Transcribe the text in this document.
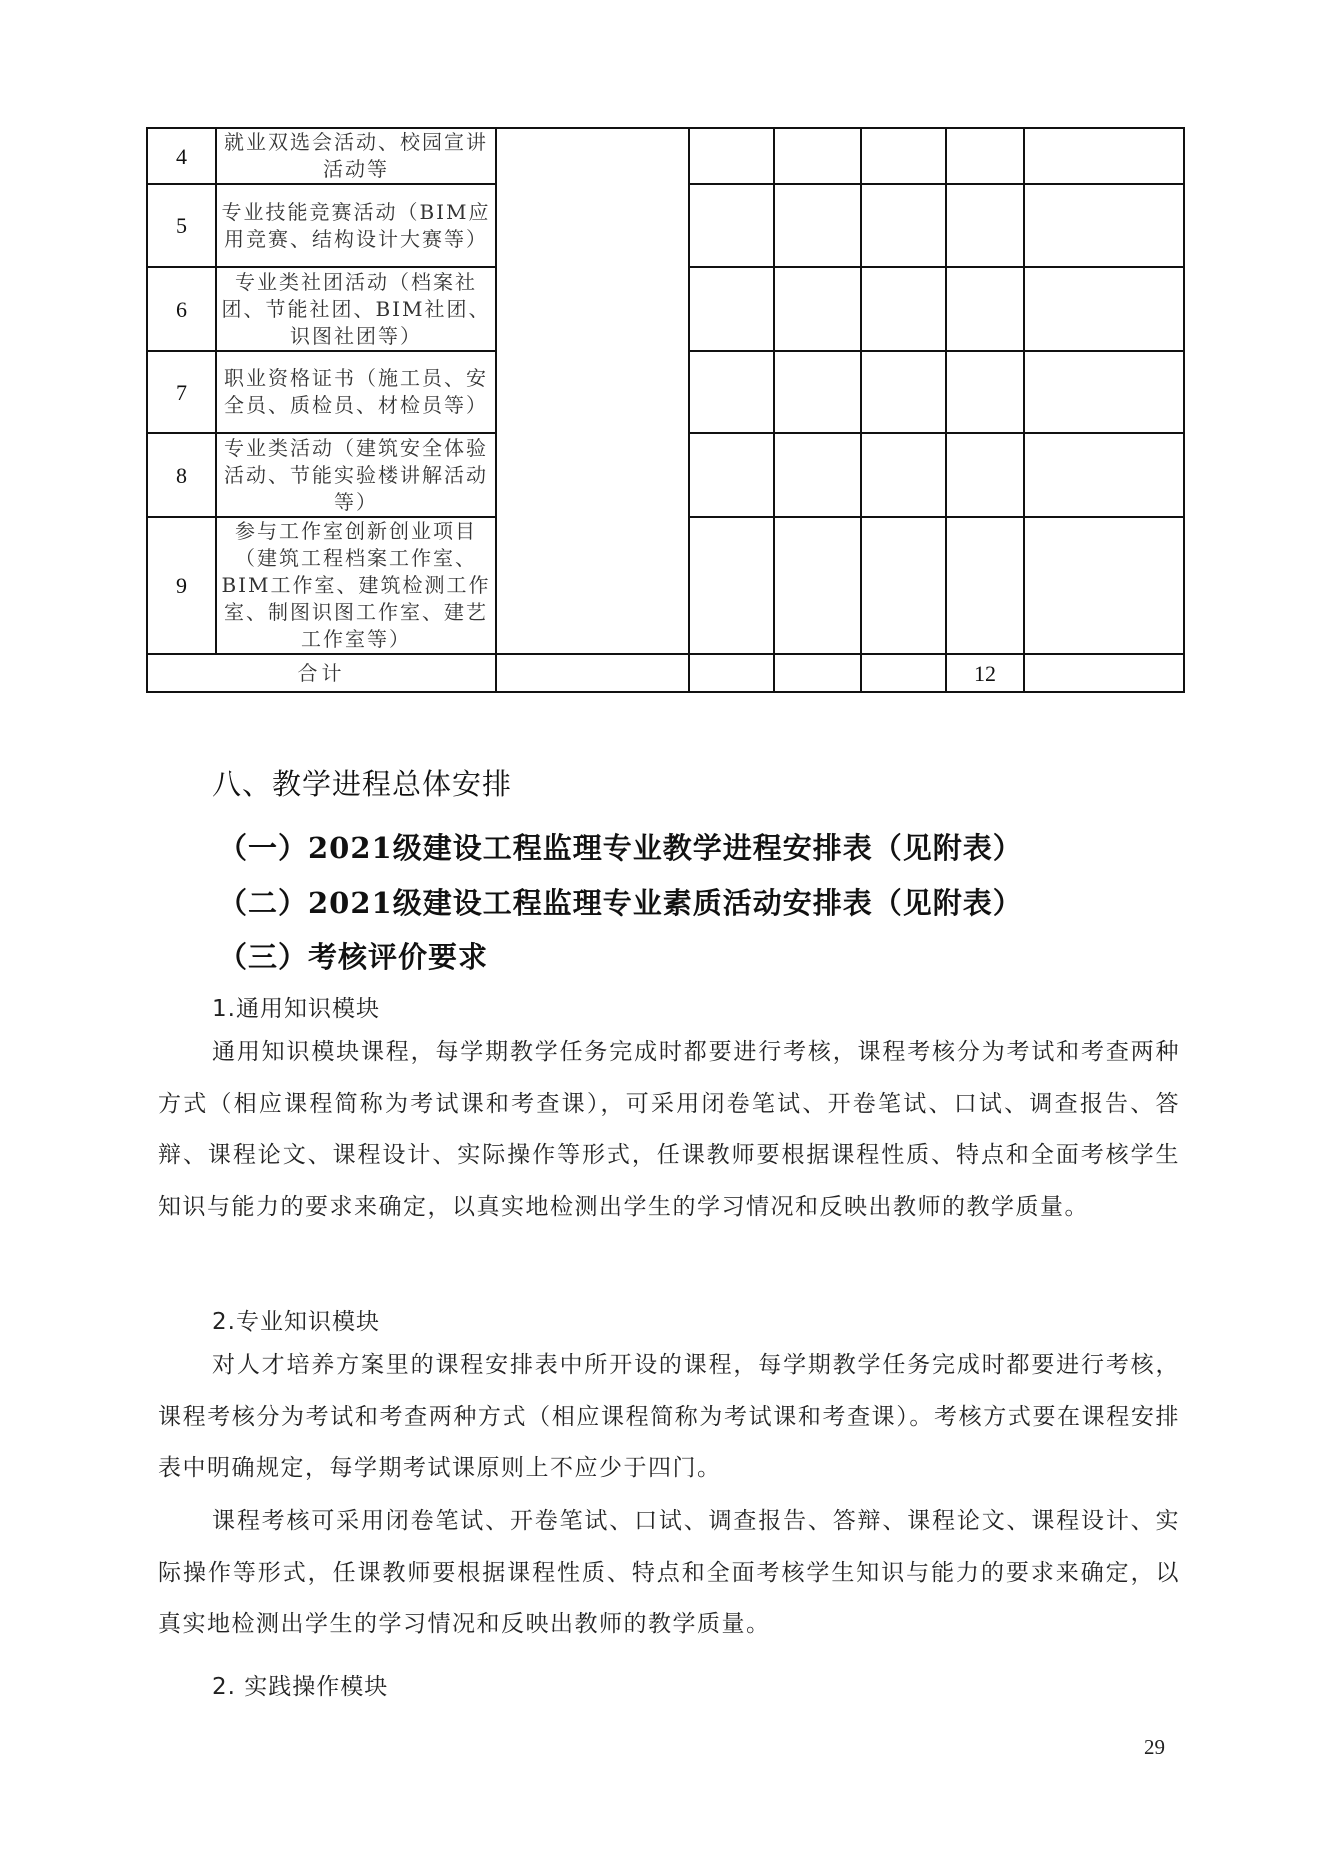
4	就业双选会活动、校园宣讲活动等						
5	专业技能竞赛活动（BIM应用竞赛、结构设计大赛等）						
6	专业类社团活动（档案社团、节能社团、BIM社团、识图社团等）						
7	职业资格证书（施工员、安全员、质检员、材检员等）						
8	专业类活动（建筑安全体验活动、节能实验楼讲解活动等）						
9	参与工作室创新创业项目（建筑工程档案工作室、BIM工作室、建筑检测工作室、制图识图工作室、建艺工作室等）						
合计						12	
八、教学进程总体安排
（一）2021级建设工程监理专业教学进程安排表（见附表）
（二）2021级建设工程监理专业素质活动安排表（见附表）
（三）考核评价要求
1.通用知识模块

通用知识模块课程，每学期教学任务完成时都要进行考核，课程考核分为考试和考查两种方式（相应课程简称为考试课和考查课），可采用闭卷笔试、开卷笔试、口试、调查报告、答辩、课程论文、课程设计、实际操作等形式，任课教师要根据课程性质、特点和全面考核学生知识与能力的要求来确定，以真实地检测出学生的学习情况和反映出教师的教学质量。

2.专业知识模块

对人才培养方案里的课程安排表中所开设的课程，每学期教学任务完成时都要进行考核，课程考核分为考试和考查两种方式（相应课程简称为考试课和考查课）。考核方式要在课程安排表中明确规定，每学期考试课原则上不应少于四门。

课程考核可采用闭卷笔试、开卷笔试、口试、调查报告、答辩、课程论文、课程设计、实际操作等形式，任课教师要根据课程性质、特点和全面考核学生知识与能力的要求来确定，以真实地检测出学生的学习情况和反映出教师的教学质量。

2. 实践操作模块
29
